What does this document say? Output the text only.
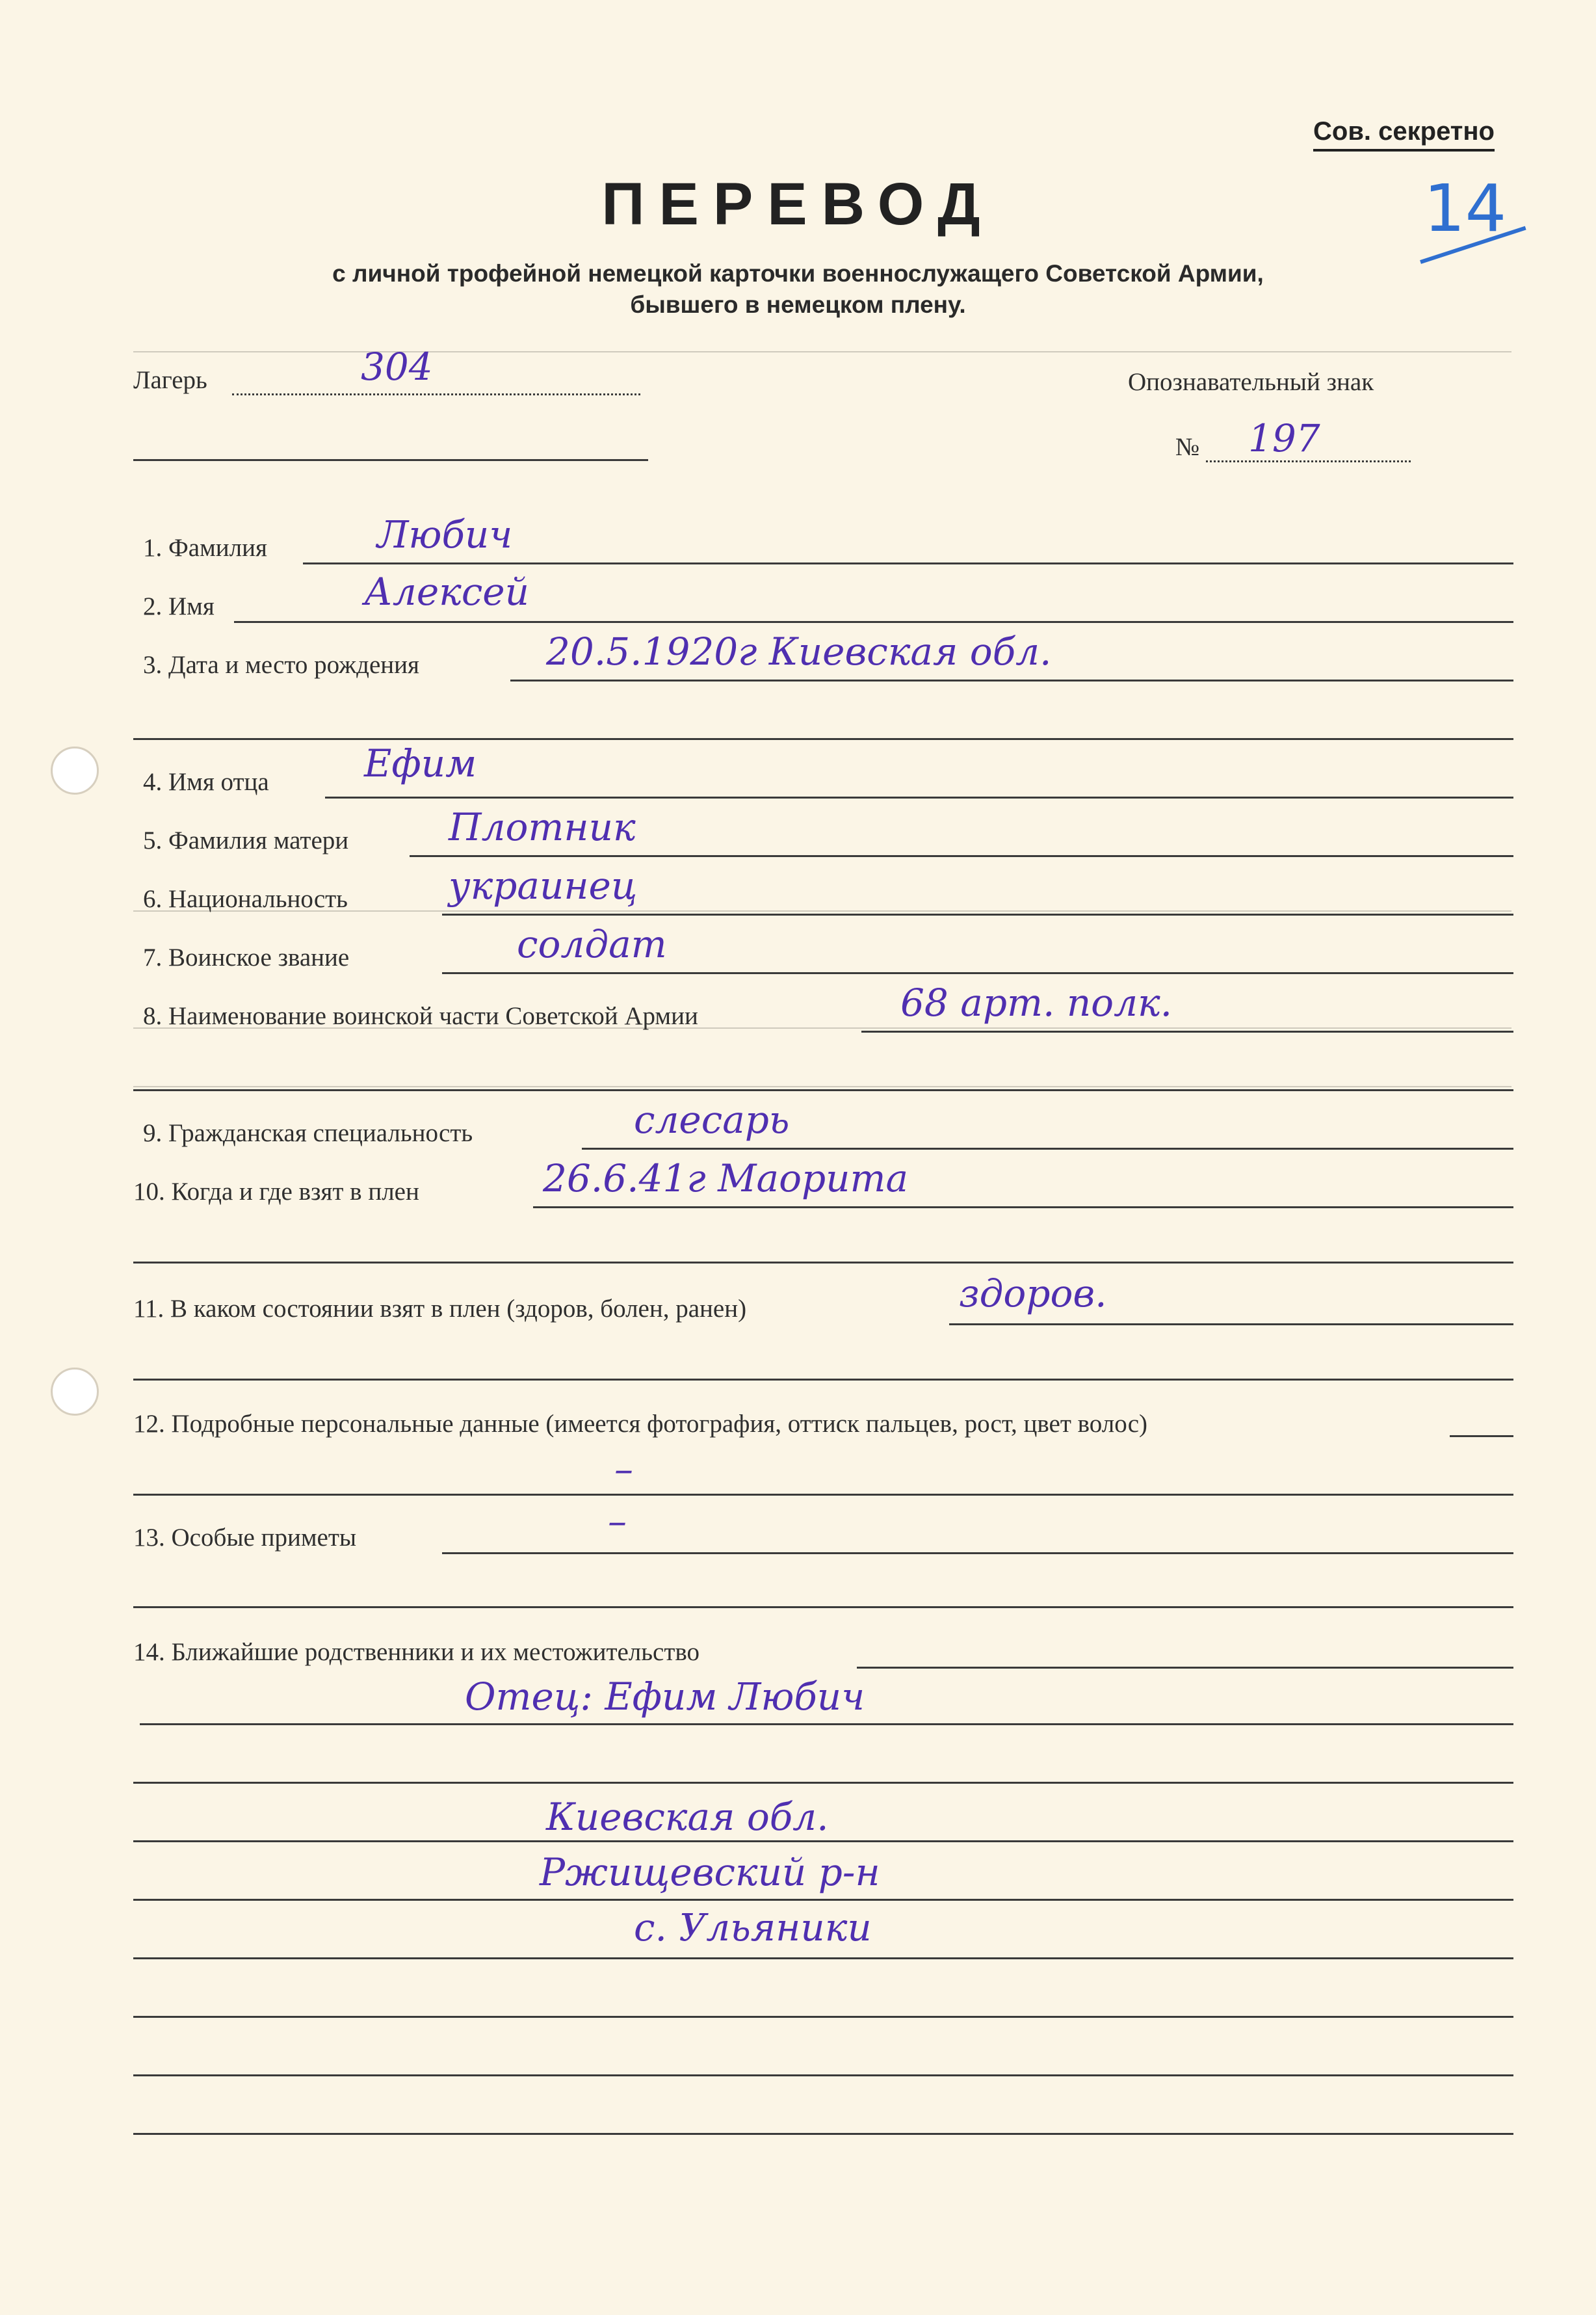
Сов. секретно
14
ПЕРЕВОД
с личной трофейной немецкой карточки военнослужащего Советской Армии,
бывшего в немецком плену.
Лагерь	304	Опознавательный знак
№ 197
1. Фамилия	Любич
2. Имя	Алексей
3. Дата и место рождения	20.5.1920г Киевская обл.
4. Имя отца	Ефим
5. Фамилия матери	Плотник
6. Национальность	украинец
7. Воинское звание	солдат
8. Наименование воинской части Советской Армии	68 арт. полк.
9. Гражданская специальность	слесарь
10. Когда и где взят в плен	26.6.41г Маорита
11. В каком состоянии взят в плен (здоров, болен, ранен)	здоров.
12. Подробные персональные данные (имеется фотография, оттиск пальцев, рост, цвет волос)
–
13. Особые приметы	–
14. Ближайшие родственники и их местожительство
Отец: Ефим Любич
Киевская обл.
Ржищевский р-н
с. Ульяники
